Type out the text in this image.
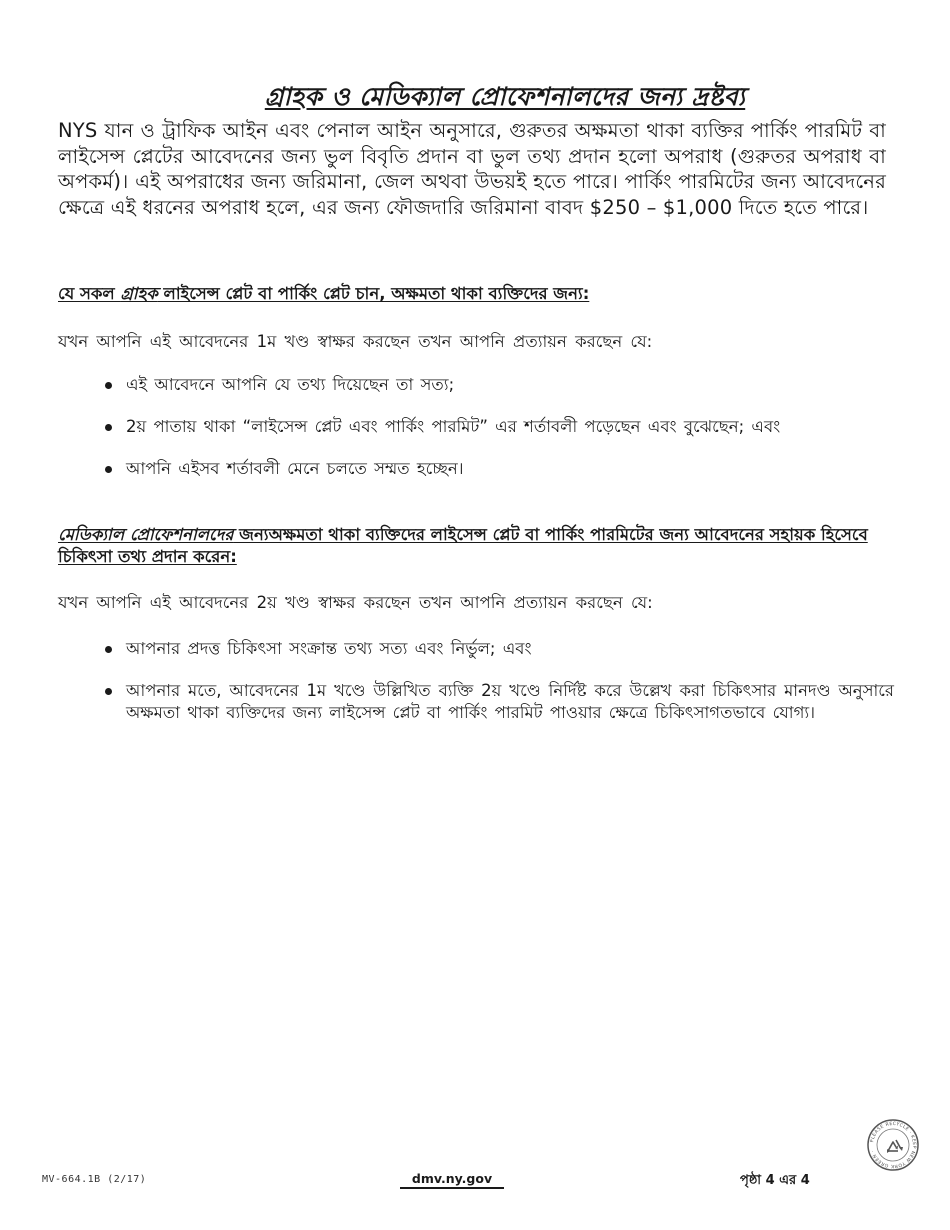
গ্রাহক ও মেডিক্যাল প্রোফেশনালদের জন্য দ্রষ্টব্য

NYS যান ও ট্রাফিক আইন এবং পেনাল আইন অনুসারে, গুরুতর অক্ষমতা থাকা ব্যক্তির পার্কিং পারমিট বা লাইসেন্স প্লেটের আবেদনের জন্য ভুল বিবৃতি প্রদান বা ভুল তথ্য প্রদান হলো অপরাধ (গুরুতর অপরাধ বা অপকর্ম)। এই অপরাধের জন্য জরিমানা, জেল অথবা উভয়ই হতে পারে। পার্কিং পারমিটের জন্য আবেদনের ক্ষেত্রে এই ধরনের অপরাধ হলে, এর জন্য ফৌজদারি জরিমানা বাবদ $250 – $1,000 দিতে হতে পারে।

যে সকল গ্রাহক লাইসেন্স প্লেট বা পার্কিং প্লেট চান, অক্ষমতা থাকা ব্যক্তিদের জন্য:
যখন আপনি এই আবেদনের 1ম খণ্ড স্বাক্ষর করছেন তখন আপনি প্রত্যায়ন করছেন যে:
এই আবেদনে আপনি যে তথ্য দিয়েছেন তা সত্য;
2য় পাতায় থাকা “লাইসেন্স প্লেট এবং পার্কিং পারমিট” এর শর্তাবলী পড়েছেন এবং বুঝেছেন; এবং
আপনি এইসব শর্তাবলী মেনে চলতে সম্মত হচ্ছেন।
মেডিক্যাল প্রোফেশনালদের জন্যঅক্ষমতা থাকা ব্যক্তিদের লাইসেন্স প্লেট বা পার্কিং পারমিটের জন্য আবেদনের সহায়ক হিসেবে চিকিৎসা তথ্য প্রদান করেন:
যখন আপনি এই আবেদনের 2য় খণ্ড স্বাক্ষর করছেন তখন আপনি প্রত্যায়ন করছেন যে:
আপনার প্রদত্ত চিকিৎসা সংক্রান্ত তথ্য সত্য এবং নির্ভুল; এবং
আপনার মতে, আবেদনের 1ম খণ্ডে উল্লিখিত ব্যক্তি 2য় খণ্ডে নির্দিষ্ট করে উল্লেখ করা চিকিৎসার মানদণ্ড অনুসারে অক্ষমতা থাকা ব্যক্তিদের জন্য লাইসেন্স প্লেট বা পার্কিং পারমিট পাওয়ার ক্ষেত্রে চিকিৎসাগতভাবে যোগ্য।
MV-664.1B (2/17)	dmv.ny.gov	পৃষ্ঠা 4 এর 4
PLEASE RECYCLE · KEEP NEW YORK GREEN ·
